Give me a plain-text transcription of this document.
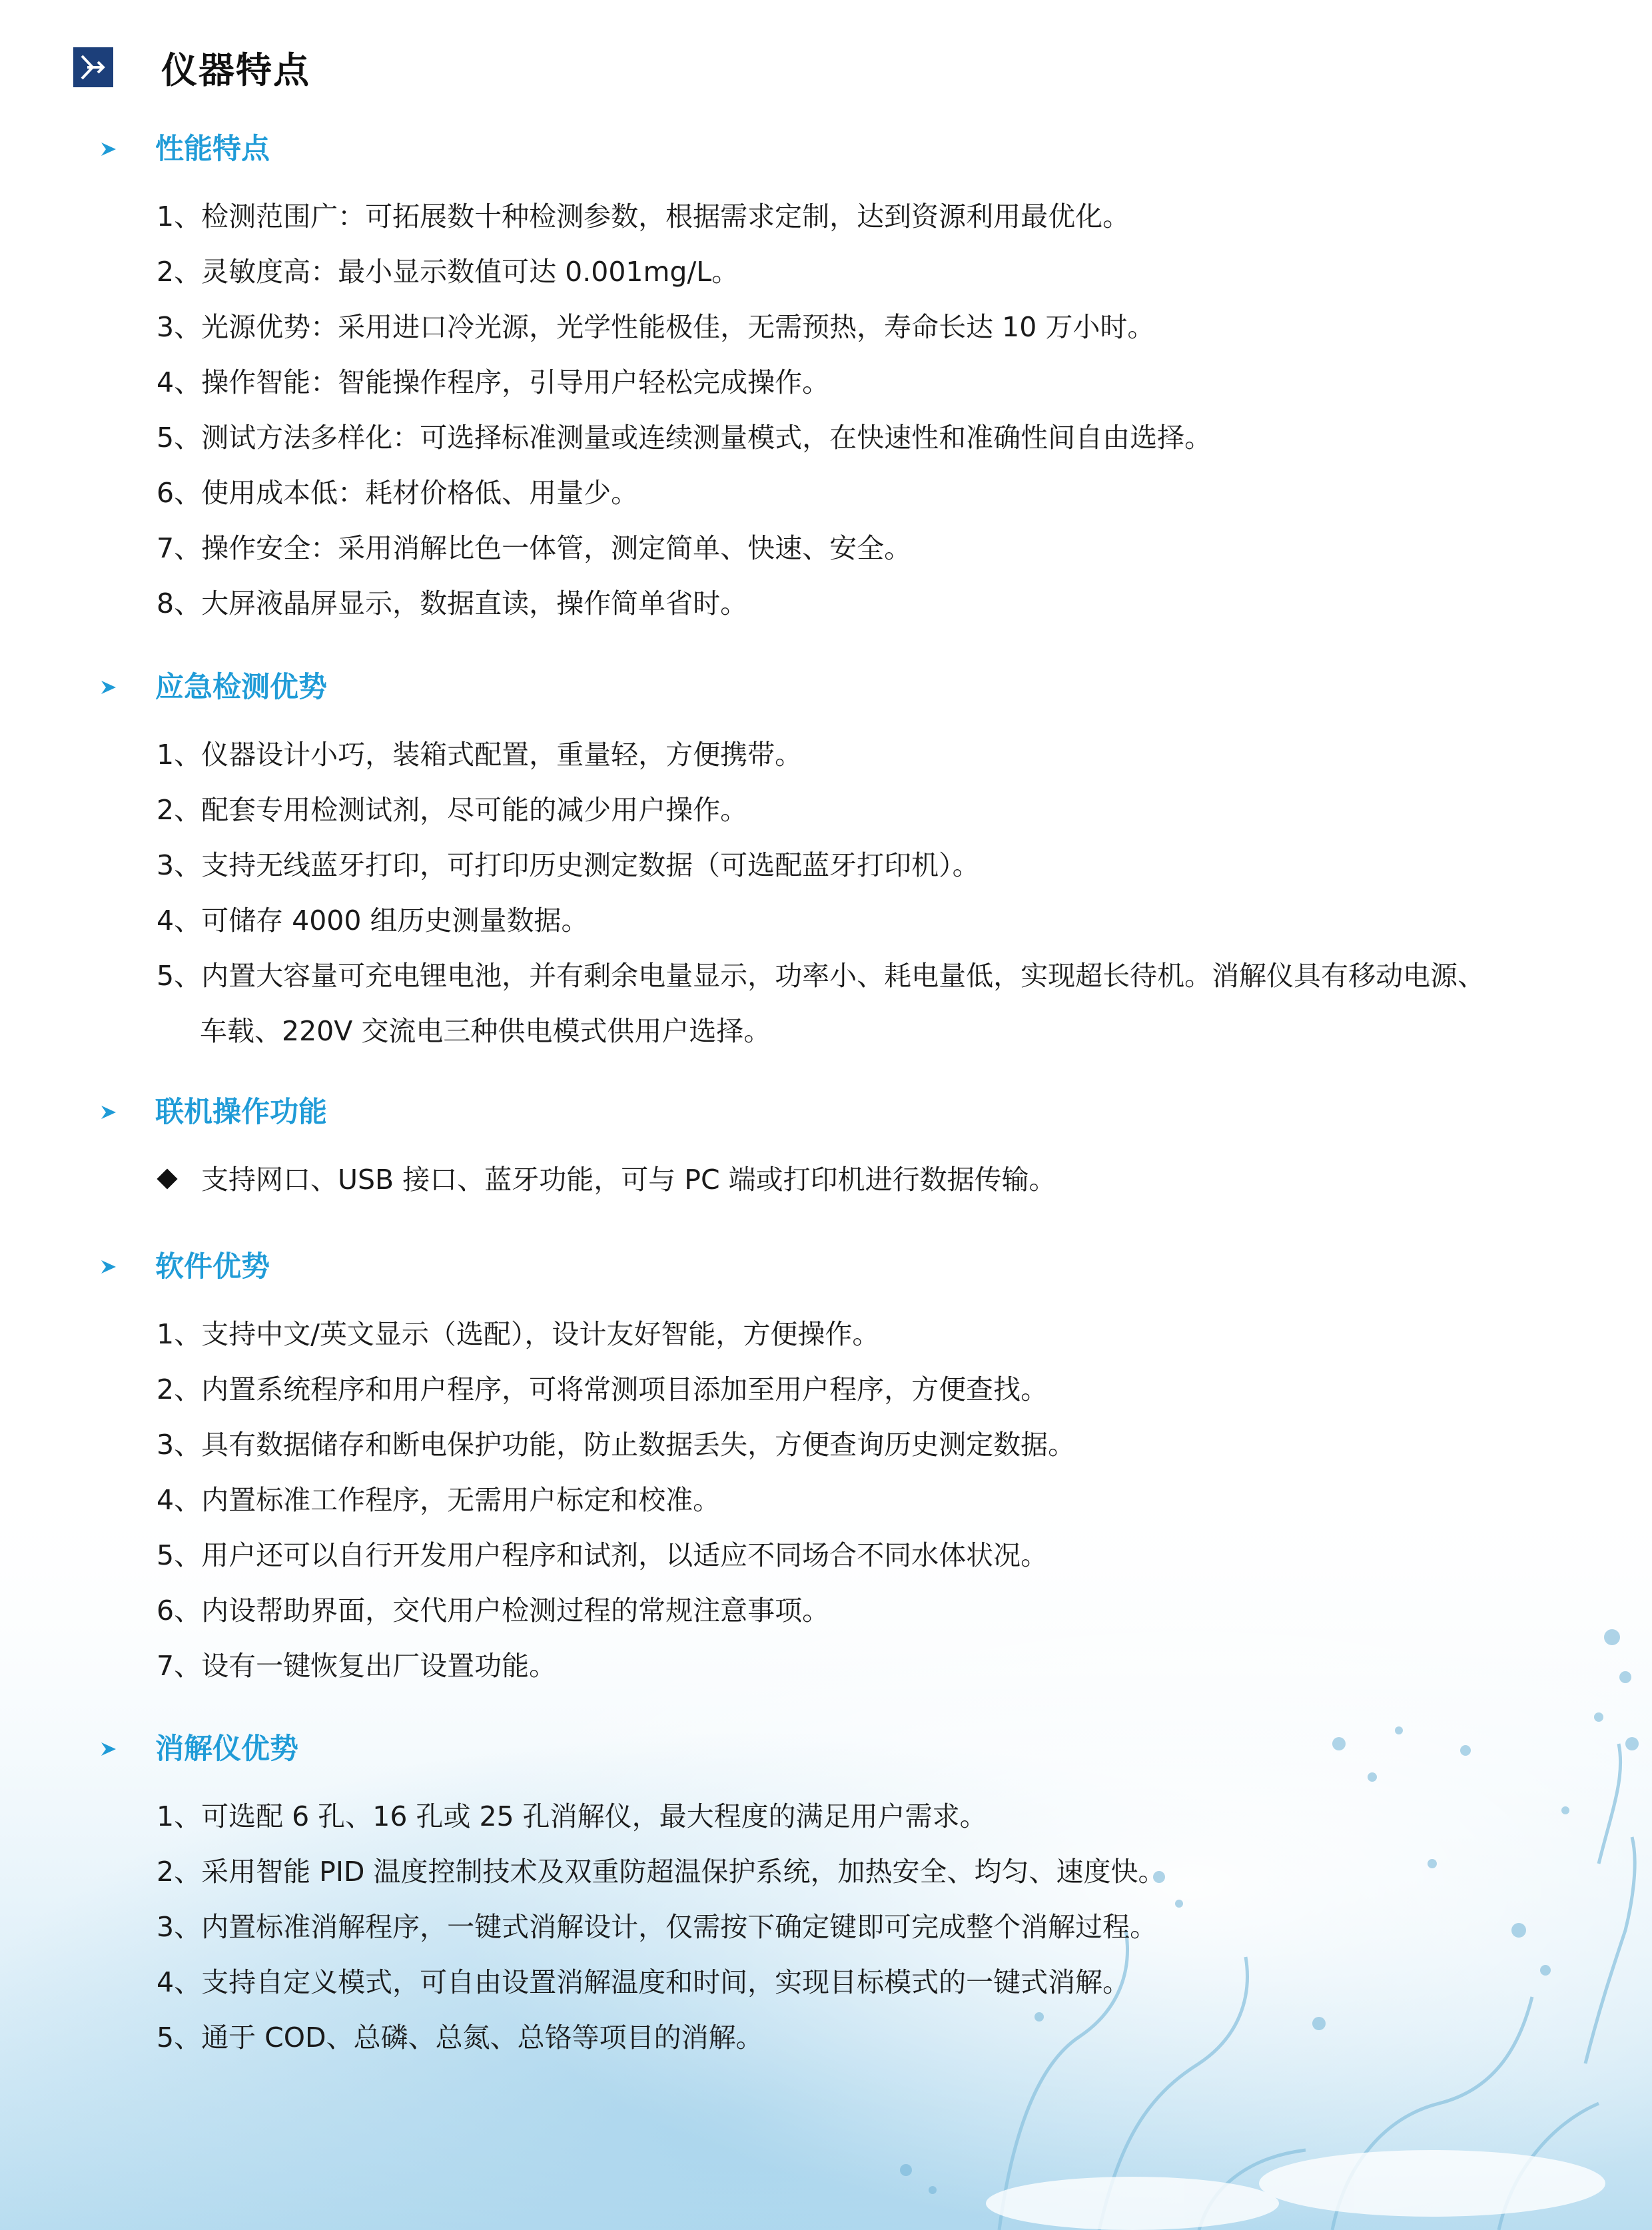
仪器特点
性能特点
1、检测范围广：可拓展数十种检测参数，根据需求定制，达到资源利用最优化。
2、灵敏度高：最小显示数值可达 0.001mg/L。
3、光源优势：采用进口冷光源，光学性能极佳，无需预热，寿命长达 10 万小时。
4、操作智能：智能操作程序，引导用户轻松完成操作。
5、测试方法多样化：可选择标准测量或连续测量模式，在快速性和准确性间自由选择。
6、使用成本低：耗材价格低、用量少。
7、操作安全：采用消解比色一体管，测定简单、快速、安全。
8、大屏液晶屏显示，数据直读，操作简单省时。
应急检测优势
1、仪器设计小巧，装箱式配置，重量轻，方便携带。
2、配套专用检测试剂，尽可能的减少用户操作。
3、支持无线蓝牙打印，可打印历史测定数据（可选配蓝牙打印机）。
4、可储存 4000 组历史测量数据。
5、内置大容量可充电锂电池，并有剩余电量显示，功率小、耗电量低，实现超长待机。消解仪具有移动电源、车载、220V 交流电三种供电模式供用户选择。
联机操作功能
支持网口、USB 接口、蓝牙功能，可与 PC 端或打印机进行数据传输。
软件优势
1、支持中文/英文显示（选配），设计友好智能，方便操作。
2、内置系统程序和用户程序，可将常测项目添加至用户程序，方便查找。
3、具有数据储存和断电保护功能，防止数据丢失，方便查询历史测定数据。
4、内置标准工作程序，无需用户标定和校准。
5、用户还可以自行开发用户程序和试剂，以适应不同场合不同水体状况。
6、内设帮助界面，交代用户检测过程的常规注意事项。
7、设有一键恢复出厂设置功能。
消解仪优势
1、可选配 6 孔、16 孔或 25 孔消解仪，最大程度的满足用户需求。
2、采用智能 PID 温度控制技术及双重防超温保护系统，加热安全、均匀、速度快。
3、内置标准消解程序，一键式消解设计，仅需按下确定键即可完成整个消解过程。
4、支持自定义模式，可自由设置消解温度和时间，实现目标模式的一键式消解。
5、通于 COD、总磷、总氮、总铬等项目的消解。
